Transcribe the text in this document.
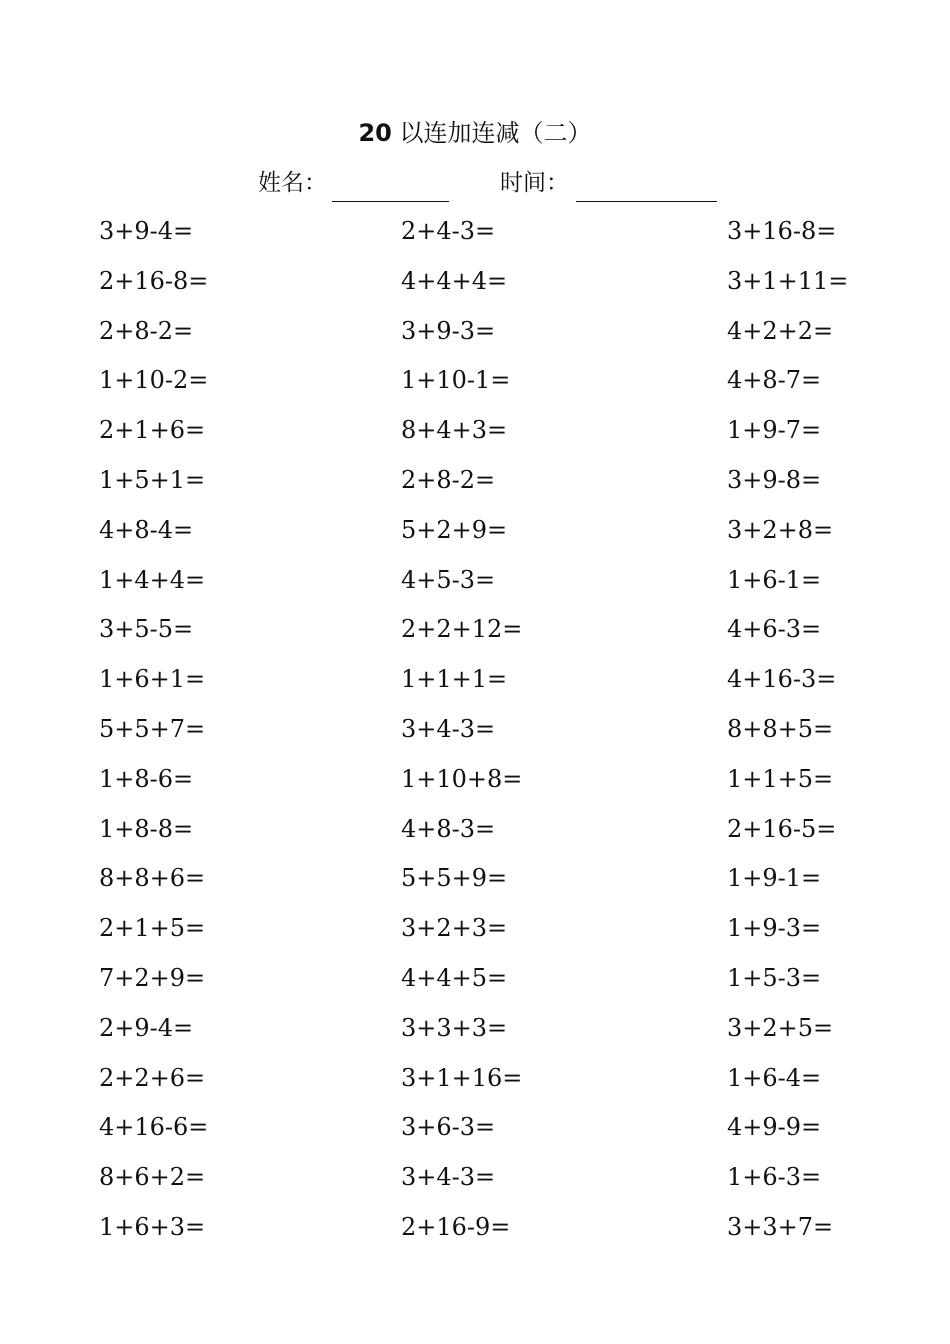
20 以连加连减（二）
姓名：	时间：
3+9-4=
2+16-8=
2+8-2=
1+10-2=
2+1+6=
1+5+1=
4+8-4=
1+4+4=
3+5-5=
1+6+1=
5+5+7=
1+8-6=
1+8-8=
8+8+6=
2+1+5=
7+2+9=
2+9-4=
2+2+6=
4+16-6=
8+6+2=
1+6+3=
2+4-3=
4+4+4=
3+9-3=
1+10-1=
8+4+3=
2+8-2=
5+2+9=
4+5-3=
2+2+12=
1+1+1=
3+4-3=
1+10+8=
4+8-3=
5+5+9=
3+2+3=
4+4+5=
3+3+3=
3+1+16=
3+6-3=
3+4-3=
2+16-9=
3+16-8=
3+1+11=
4+2+2=
4+8-7=
1+9-7=
3+9-8=
3+2+8=
1+6-1=
4+6-3=
4+16-3=
8+8+5=
1+1+5=
2+16-5=
1+9-1=
1+9-3=
1+5-3=
3+2+5=
1+6-4=
4+9-9=
1+6-3=
3+3+7=
